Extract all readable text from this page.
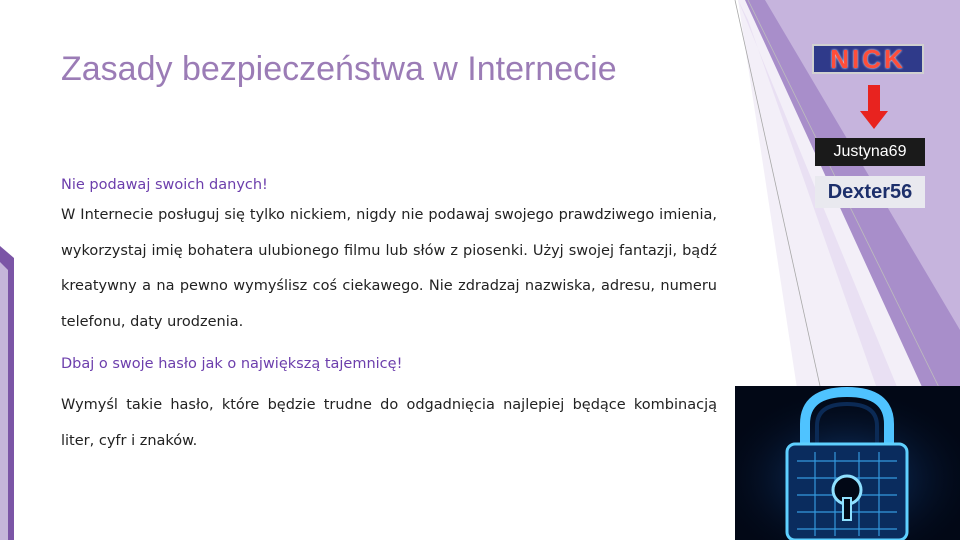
Zasady bezpieczeństwa w Internecie
Nie podawaj swoich danych!

W Internecie posługuj się tylko nickiem, nigdy nie podawaj swojego prawdziwego imienia, wykorzystaj imię bohatera ulubionego filmu lub słów z piosenki. Użyj swojej fantazji, bądź kreatywny a na pewno wymyślisz coś ciekawego. Nie zdradzaj nazwiska, adresu, numeru telefonu, daty urodzenia.

Dbaj o swoje hasło jak o największą tajemnicę!

Wymyśl takie hasło, które będzie trudne do odgadnięcia najlepiej będące kombinacją liter, cyfr i znaków.

NICK
Justyna69
Dexter56
